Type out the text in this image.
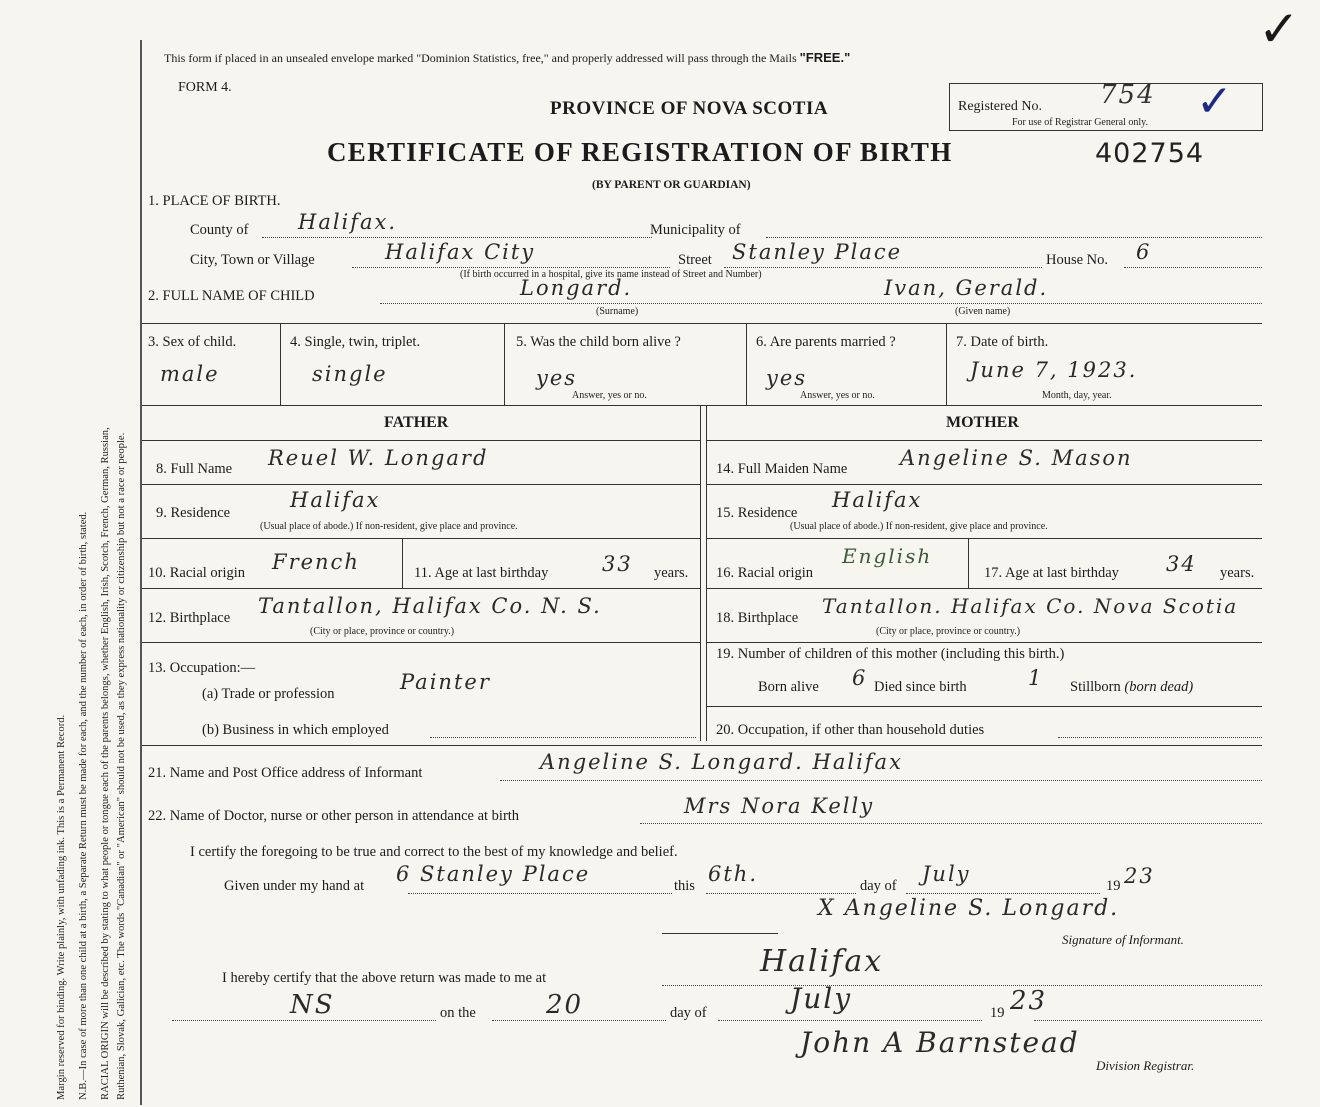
Margin reserved for binding. Write plainly, with unfading ink. This is a Permanent Record. N.B.—In case of more than one child at a birth, a Separate Return must be made for each, and the number of each, in order of birth, stated. RACIAL ORIGIN will be described by stating to what people or tongue each of the parents belongs, whether English, Irish, Scotch, French, German, Russian, Ruthenian, Slovak, Galician, etc. The words "Canadian" or "American" should not be used, as they express nationality or citizenship but not a race or people.
This form if placed in an unsealed envelope marked "Dominion Statistics, free," and properly addressed will pass through the Mails "FREE."
FORM 4.
PROVINCE OF NOVA SCOTIA
CERTIFICATE OF REGISTRATION OF BIRTH	402754
(BY PARENT OR GUARDIAN)
Registered No. 754
For use of Registrar General only. ✓
✓
1. PLACE OF BIRTH.
County of Halifax.	Municipality of
City, Town or Village	Halifax City	Street Stanley Place	House No. 6
(If birth occurred in a hospital, give its name instead of Street and Number)
2. FULL NAME OF CHILD	Longard.	Ivan, Gerald.
(Surname)	(Given name)
3. Sex of child.
male
4. Single, twin, triplet.
single
5. Was the child born alive ?
yes
Answer, yes or no.
6. Are parents married ?
yes
Answer, yes or no.
7. Date of birth.
June 7, 1923.
Month, day, year.
FATHER	MOTHER
8. Full Name Reuel W. Longard
9. Residence
Halifax
(Usual place of abode.) If non-resident, give place and province.
10. Racial origin French	11. Age at last birthday	33 years.
12. Birthplace Tantallon, Halifax Co. N. S.
(City or place, province or country.)
13. Occupation:—
(a) Trade or profession	Painter
(b) Business in which employed
14. Full Maiden Name	Angeline S. Mason
15. Residence
Halifax
(Usual place of abode.) If non-resident, give place and province.
16. Racial origin
English
17. Age at last birthday 34 years.
18. Birthplace Tantallon. Halifax Co. Nova Scotia
(City or place, province or country.)
19. Number of children of this mother (including this birth.)
Born alive 6 Died since birth	1 Stillborn (born dead)
20. Occupation, if other than household duties
21. Name and Post Office address of Informant	Angeline S. Longard. Halifax
22. Name of Doctor, nurse or other person in attendance at birth	Mrs Nora Kelly
I certify the foregoing to be true and correct to the best of my knowledge and belief.
Given under my hand at 6 Stanley Place	this 6th.	day of July	19 23
X Angeline S. Longard.
Signature of Informant.
I hereby certify that the above return was made to me at	Halifax
NS	on the	20	day of	July	19 23
John A Barnstead
Division Registrar.
